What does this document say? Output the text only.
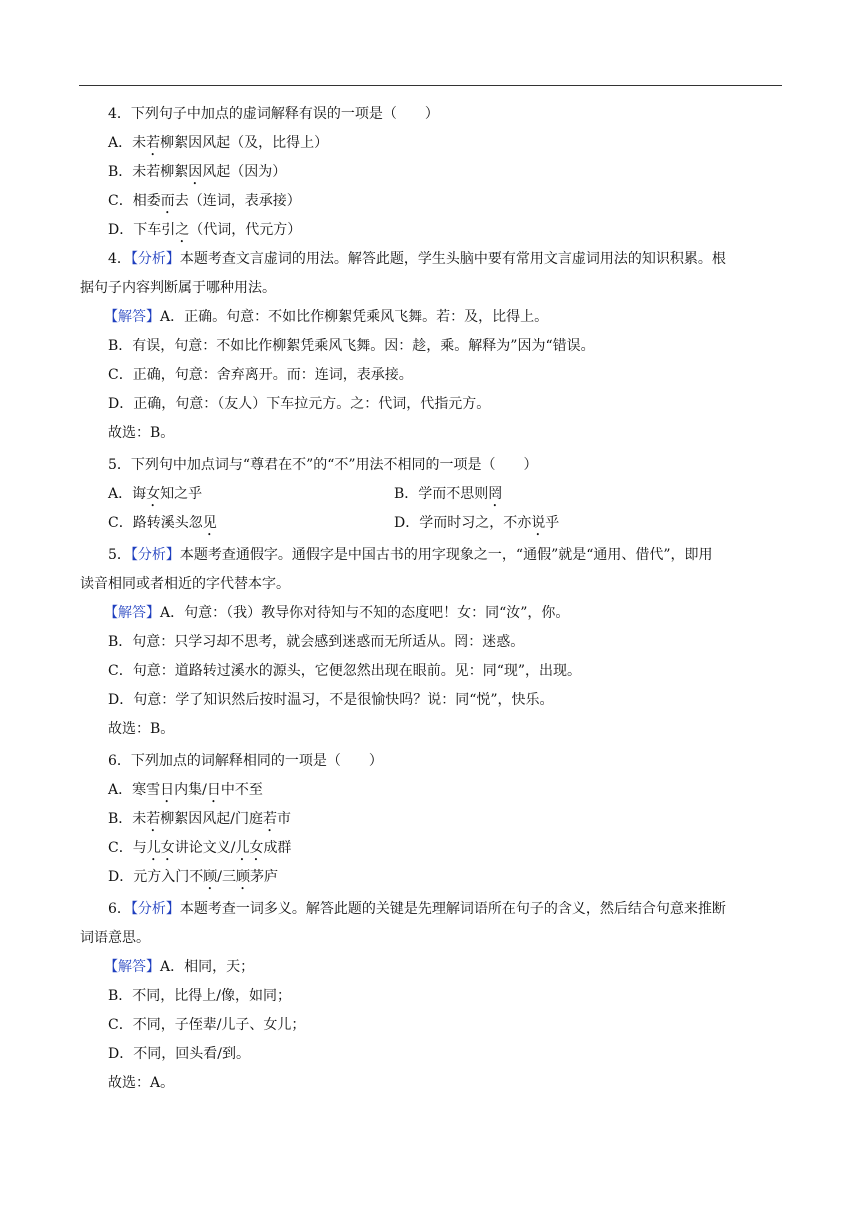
4．下列句子中加点的虚词解释有误的一项是（　　）
A．未若柳絮因风起（及，比得上）
B．未若柳絮因风起（因为）
C．相委而去（连词，表承接）
D．下车引之（代词，代元方）
4．【分析】本题考查文言虚词的用法。解答此题，学生头脑中要有常用文言虚词用法的知识积累。根
据句子内容判断属于哪种用法。
【解答】A．正确。句意：不如比作柳絮凭乘风飞舞。若：及，比得上。
B．有误，句意：不如比作柳絮凭乘风飞舞。因：趁，乘。解释为”因为“错误。
C．正确，句意：舍弃离开。而：连词，表承接。
D．正确，句意：（友人）下车拉元方。之：代词，代指元方。
故选：B。
5．下列句中加点词与“尊君在不”的“不”用法不相同的一项是（　　）
A．诲女知之乎	B．学而不思则罔
C．路转溪头忽见	D．学而时习之，不亦说乎
5．【分析】本题考查通假字。通假字是中国古书的用字现象之一，“通假”就是“通用、借代”，即用
读音相同或者相近的字代替本字。
【解答】A．句意：（我）教导你对待知与不知的态度吧！女：同“汝”，你。
B．句意：只学习却不思考，就会感到迷惑而无所适从。罔：迷惑。
C．句意：道路转过溪水的源头，它便忽然出现在眼前。见：同“现”，出现。
D．句意：学了知识然后按时温习，不是很愉快吗？说：同“悦”，快乐。
故选：B。
6．下列加点的词解释相同的一项是（　　）
A．寒雪日内集/日中不至
B．未若柳絮因风起/门庭若市
C．与儿女讲论文义/儿女成群
D．元方入门不顾/三顾茅庐
6．【分析】本题考查一词多义。解答此题的关键是先理解词语所在句子的含义，然后结合句意来推断
词语意思。
【解答】A．相同，天；
B．不同，比得上/像，如同；
C．不同，子侄辈/儿子、女儿；
D．不同，回头看/到。
故选：A。
